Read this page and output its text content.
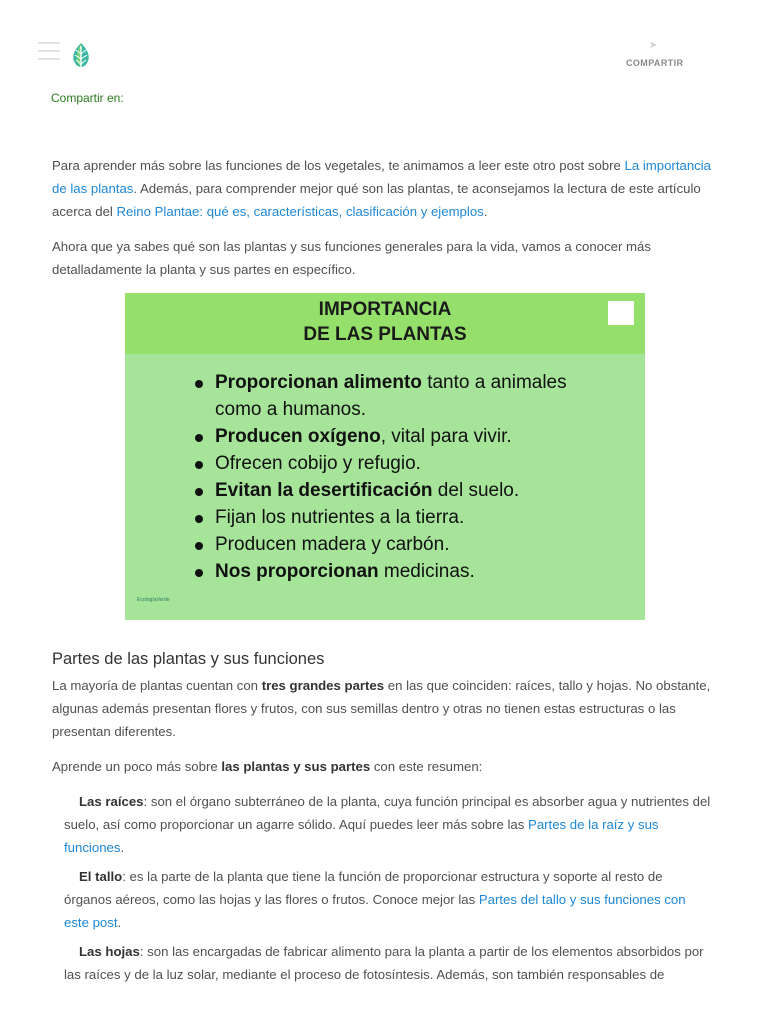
➤
COMPARTIR
Compartir en:

Para aprender más sobre las funciones de los vegetales, te animamos a leer este otro post sobre La importancia de las plantas. Además, para comprender mejor qué son las plantas, te aconsejamos la lectura de este artículo acerca del Reino Plantae: qué es, características, clasificación y ejemplos.

Ahora que ya sabes qué son las plantas y sus funciones generales para la vida, vamos a conocer más detalladamente la planta y sus partes en específico.

IMPORTANCIA
DE LAS PLANTAS
Proporcionan alimento tanto a animales
como a humanos.
Producen oxígeno, vital para vivir.
Ofrecen cobijo y refugio.
Evitan la desertificación del suelo.
Fijan los nutrientes a la tierra.
Producen madera y carbón.
Nos proporcionan medicinas.
EcologíaVerde
Partes de las plantas y sus funciones

La mayoría de plantas cuentan con tres grandes partes en las que coinciden: raíces, tallo y hojas. No obstante, algunas además presentan flores y frutos, con sus semillas dentro y otras no tienen estas estructuras o las presentan diferentes.

Aprende un poco más sobre las plantas y sus partes con este resumen:

Las raíces: son el órgano subterráneo de la planta, cuya función principal es absorber agua y nutrientes del suelo, así como proporcionar un agarre sólido. Aquí puedes leer más sobre las Partes de la raíz y sus funciones.
El tallo: es la parte de la planta que tiene la función de proporcionar estructura y soporte al resto de órganos aéreos, como las hojas y las flores o frutos. Conoce mejor las Partes del tallo y sus funciones con este post.
Las hojas: son las encargadas de fabricar alimento para la planta a partir de los elementos absorbidos por las raíces y de la luz solar, mediante el proceso de fotosíntesis. Además, son también responsables de
